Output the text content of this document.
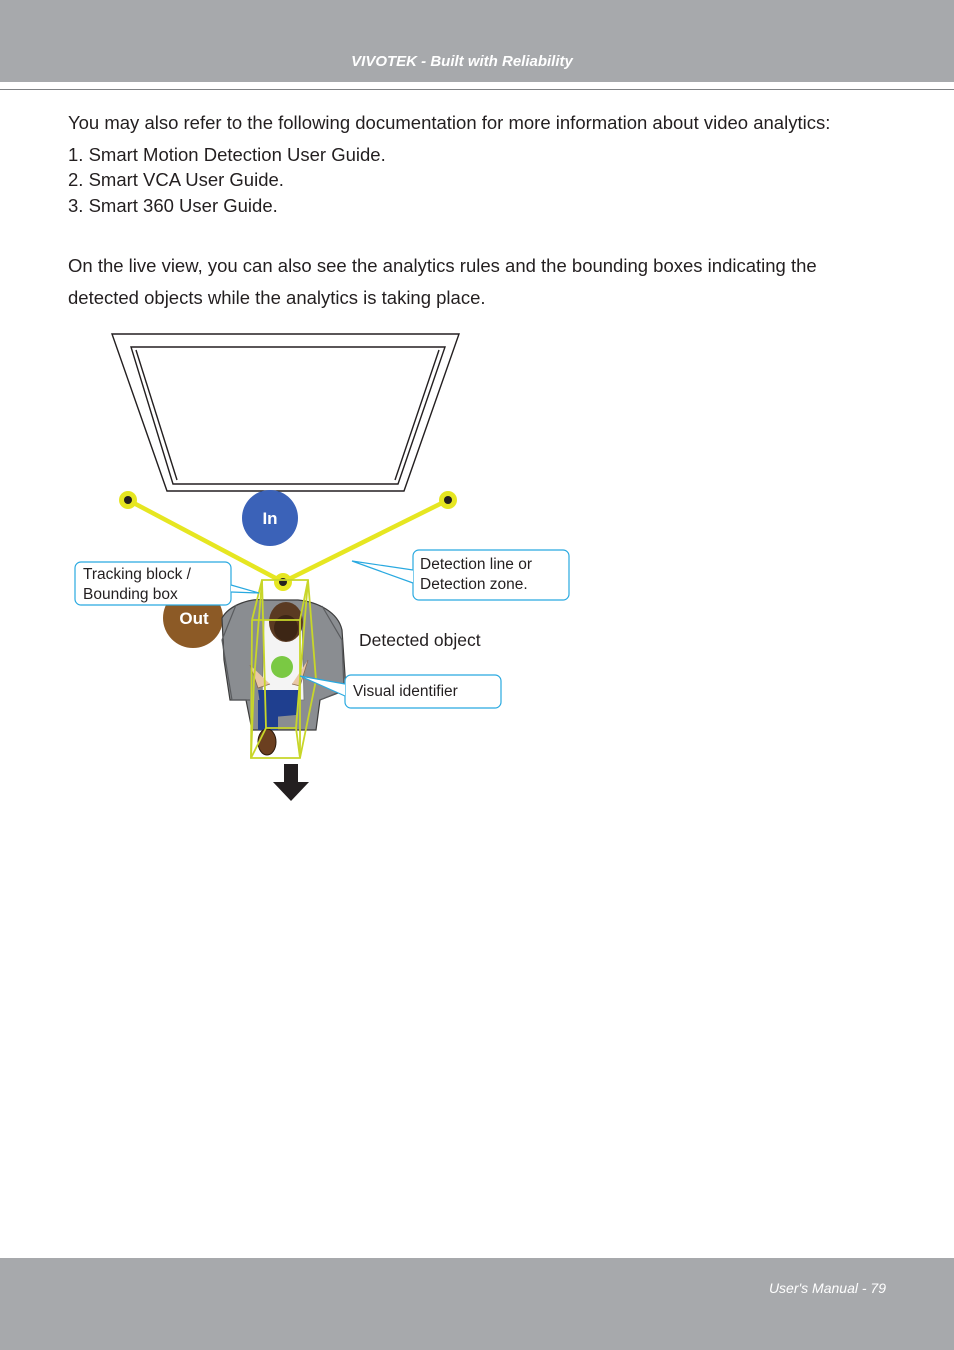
VIVOTEK - Built with Reliability

You may also refer to the following documentation for more information about video analytics:

1. Smart Motion Detection User Guide.
2. Smart VCA User Guide.
3. Smart 360 User Guide.

On the live view, you can also see the analytics rules and the bounding boxes indicating the

detected objects while the analytics is taking place.

In
Out
Tracking block /
Bounding box
Detection line or
Detection zone.
Detected object
Visual identifier
User's Manual - 79
